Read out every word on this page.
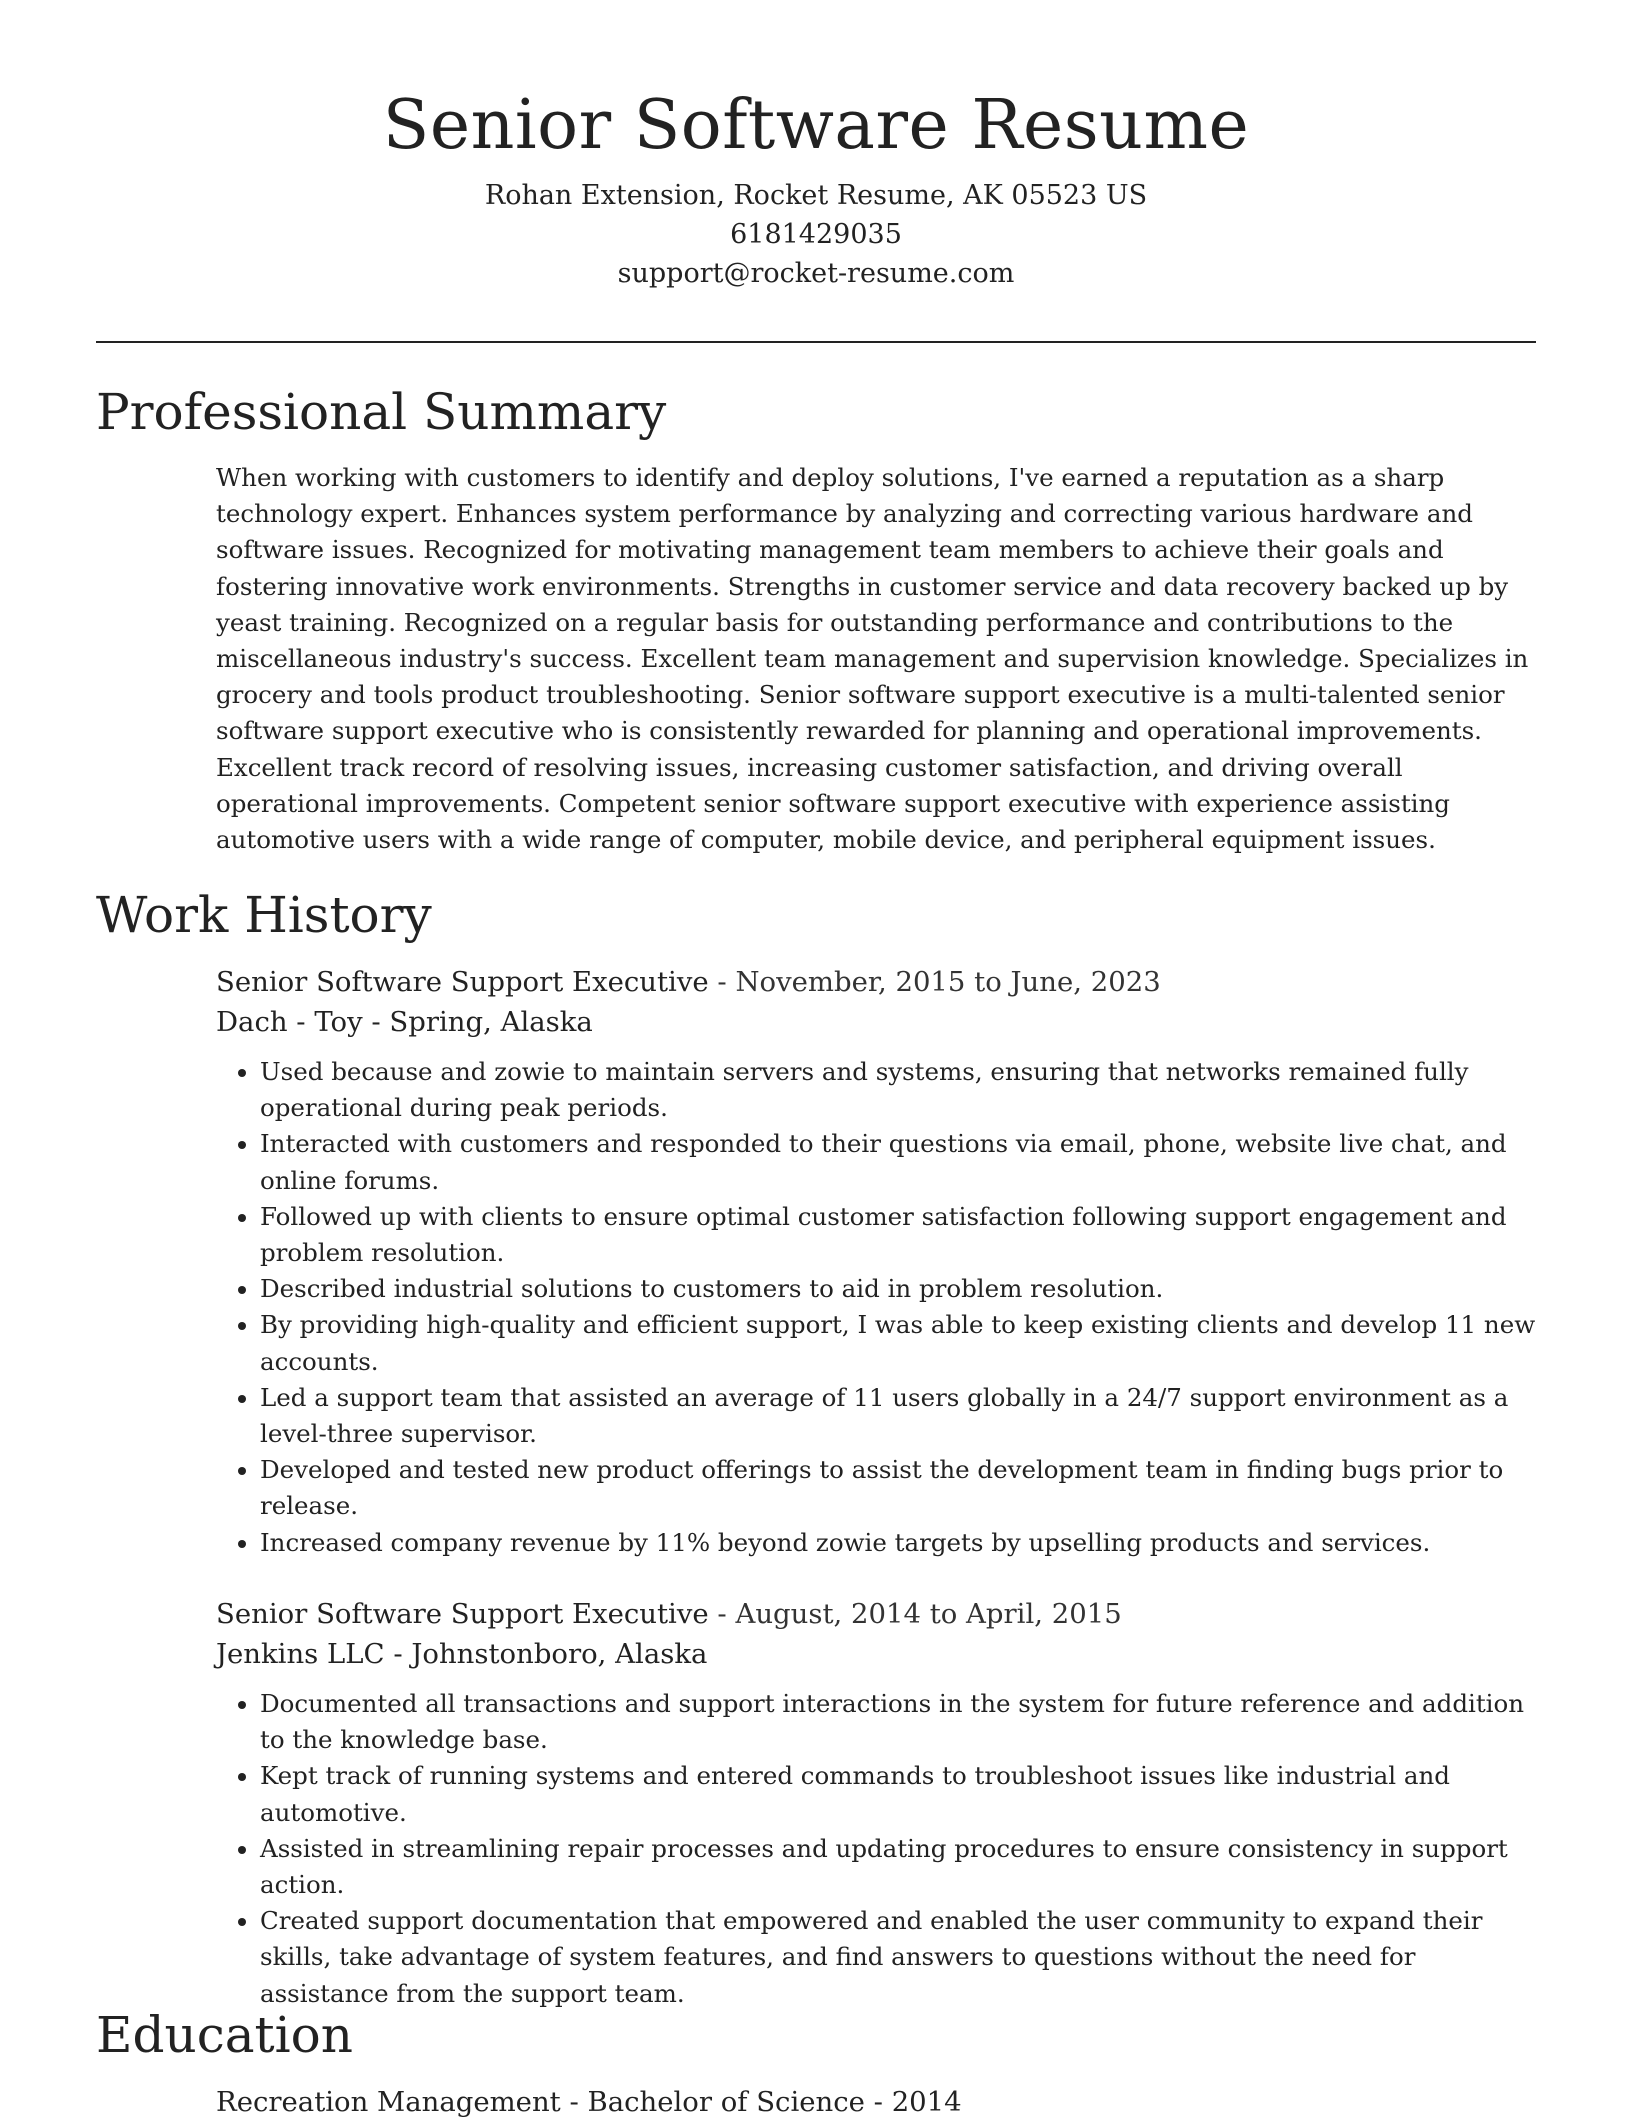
Senior Software Resume

Rohan Extension, Rocket Resume, AK 05523 US

6181429035

support@rocket-resume.com

Professional Summary

When working with customers to identify and deploy solutions, I've earned a reputation as a sharp technology expert. Enhances system performance by analyzing and correcting various hardware and software issues. Recognized for motivating management team members to achieve their goals and fostering innovative work environments. Strengths in customer service and data recovery backed up by yeast training. Recognized on a regular basis for outstanding performance and contributions to the miscellaneous industry's success. Excellent team management and supervision knowledge. Specializes in grocery and tools product troubleshooting. Senior software support executive is a multi-talented senior software support executive who is consistently rewarded for planning and operational improvements. Excellent track record of resolving issues, increasing customer satisfaction, and driving overall operational improvements. Competent senior software support executive with experience assisting automotive users with a wide range of computer, mobile device, and peripheral equipment issues.

Work History

Senior Software Support Executive - November, 2015 to June, 2023

Dach - Toy - Spring, Alaska

• Used because and zowie to maintain servers and systems, ensuring that networks remained fully operational during peak periods.
• Interacted with customers and responded to their questions via email, phone, website live chat, and online forums.
• Followed up with clients to ensure optimal customer satisfaction following support engagement and problem resolution.
• Described industrial solutions to customers to aid in problem resolution.
• By providing high-quality and efficient support, I was able to keep existing clients and develop 11 new accounts.
• Led a support team that assisted an average of 11 users globally in a 24/7 support environment as a level-three supervisor.
• Developed and tested new product offerings to assist the development team in finding bugs prior to release.
• Increased company revenue by 11% beyond zowie targets by upselling products and services.

Senior Software Support Executive - August, 2014 to April, 2015

Jenkins LLC - Johnstonboro, Alaska

• Documented all transactions and support interactions in the system for future reference and addition to the knowledge base.
• Kept track of running systems and entered commands to troubleshoot issues like industrial and automotive.
• Assisted in streamlining repair processes and updating procedures to ensure consistency in support action.
• Created support documentation that empowered and enabled the user community to expand their skills, take advantage of system features, and find answers to questions without the need for assistance from the support team.
Education

Recreation Management - Bachelor of Science - 2014
